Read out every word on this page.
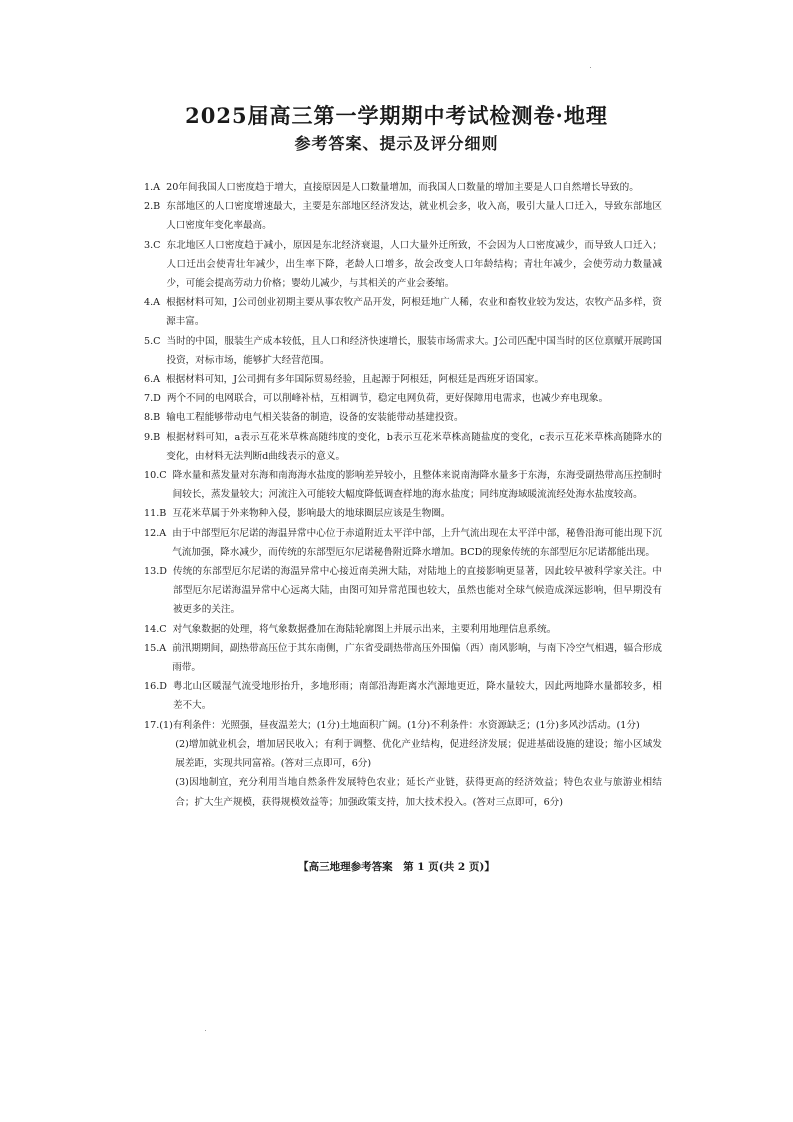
2025届高三第一学期期中考试检测卷·地理
参考答案、提示及评分细则
1.A 20年间我国人口密度趋于增大，直接原因是人口数量增加，而我国人口数量的增加主要是人口自然增长导致的。
2.B 东部地区的人口密度增速最大，主要是东部地区经济发达，就业机会多，收入高，吸引大量人口迁入，导致东部地区人口密度年变化率最高。
3.C 东北地区人口密度趋于减小，原因是东北经济衰退，人口大量外迁所致，不会因为人口密度减少，而导致人口迁入；人口迁出会使青壮年减少，出生率下降，老龄人口增多，故会改变人口年龄结构；青壮年减少，会使劳动力数量减少，可能会提高劳动力价格；婴幼儿减少，与其相关的产业会萎缩。
4.A 根据材料可知，J公司创业初期主要从事农牧产品开发，阿根廷地广人稀，农业和畜牧业较为发达，农牧产品多样，资源丰富。
5.C 当时的中国，服装生产成本较低，且人口和经济快速增长，服装市场需求大。J公司匹配中国当时的区位禀赋开展跨国投资，对标市场，能够扩大经营范围。
6.A 根据材料可知，J公司拥有多年国际贸易经验，且起源于阿根廷，阿根廷是西班牙语国家。
7.D 两个不同的电网联合，可以削峰补枯，互相调节，稳定电网负荷，更好保障用电需求，也减少弃电现象。
8.B 输电工程能够带动电气相关装备的制造，设备的安装能带动基建投资。
9.B 根据材料可知，a表示互花米草株高随纬度的变化，b表示互花米草株高随盐度的变化，c表示互花米草株高随降水的变化，由材料无法判断d曲线表示的意义。
10.C 降水量和蒸发量对东海和南海海水盐度的影响差异较小，且整体来说南海降水量多于东海，东海受副热带高压控制时间较长，蒸发量较大；河流注入可能较大幅度降低调查样地的海水盐度；同纬度海域暖流流经处海水盐度较高。
11.B 互花米草属于外来物种入侵，影响最大的地球圈层应该是生物圈。
12.A 由于中部型厄尔尼诺的海温异常中心位于赤道附近太平洋中部，上升气流出现在太平洋中部，秘鲁沿海可能出现下沉气流加强，降水减少，而传统的东部型厄尔尼诺秘鲁附近降水增加。BCD的现象传统的东部型厄尔尼诺都能出现。
13.D 传统的东部型厄尔尼诺的海温异常中心接近南美洲大陆，对陆地上的直接影响更显著，因此较早被科学家关注。中部型厄尔尼诺海温异常中心远离大陆，由图可知异常范围也较大，虽然也能对全球气候造成深远影响，但早期没有被更多的关注。
14.C 对气象数据的处理，将气象数据叠加在海陆轮廓图上并展示出来，主要利用地理信息系统。
15.A 前汛期期间，副热带高压位于其东南侧，广东省受副热带高压外围偏（西）南风影响，与南下冷空气相遇，辐合形成雨带。
16.D 粤北山区暖湿气流受地形抬升，多地形雨；南部沿海距离水汽源地更近，降水量较大，因此两地降水量都较多，相差不大。
17. (1)有利条件：光照强，昼夜温差大；(1分)土地面积广阔。(1分)不利条件：水资源缺乏；(1分)多风沙活动。(1分)
(2)增加就业机会，增加居民收入；有利于调整、优化产业结构，促进经济发展；促进基础设施的建设；缩小区域发展差距，实现共同富裕。(答对三点即可，6分)
(3)因地制宜，充分利用当地自然条件发展特色农业；延长产业链，获得更高的经济效益；特色农业与旅游业相结合；扩大生产规模，获得规模效益等；加强政策支持，加大技术投入。(答对三点即可，6分)
【高三地理参考答案　第 1 页(共 2 页)】
